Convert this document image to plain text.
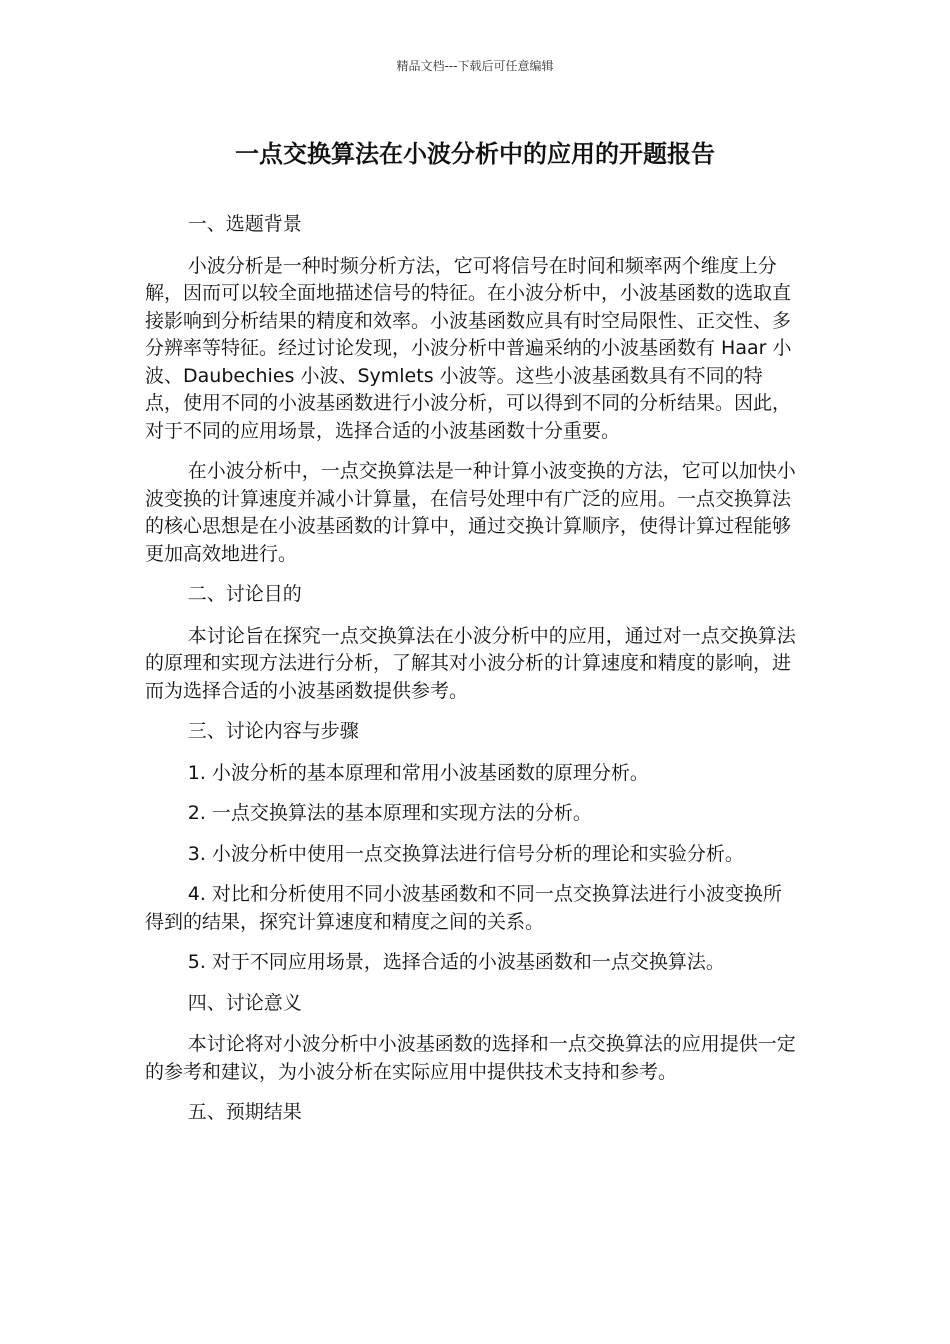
精品文档---下载后可任意编辑
一点交换算法在小波分析中的应用的开题报告

一、选题背景

小波分析是一种时频分析方法，它可将信号在时间和频率两个维度上分解，因而可以较全面地描述信号的特征。在小波分析中，小波基函数的选取直接影响到分析结果的精度和效率。小波基函数应具有时空局限性、正交性、多分辨率等特征。经过讨论发现，小波分析中普遍采纳的小波基函数有 Haar 小波、Daubechies 小波、Symlets 小波等。这些小波基函数具有不同的特点，使用不同的小波基函数进行小波分析，可以得到不同的分析结果。因此，对于不同的应用场景，选择合适的小波基函数十分重要。

在小波分析中，一点交换算法是一种计算小波变换的方法，它可以加快小波变换的计算速度并减小计算量，在信号处理中有广泛的应用。一点交换算法的核心思想是在小波基函数的计算中，通过交换计算顺序，使得计算过程能够更加高效地进行。

二、讨论目的

本讨论旨在探究一点交换算法在小波分析中的应用，通过对一点交换算法的原理和实现方法进行分析，了解其对小波分析的计算速度和精度的影响，进而为选择合适的小波基函数提供参考。

三、讨论内容与步骤

1. 小波分析的基本原理和常用小波基函数的原理分析。

2. 一点交换算法的基本原理和实现方法的分析。

3. 小波分析中使用一点交换算法进行信号分析的理论和实验分析。

4. 对比和分析使用不同小波基函数和不同一点交换算法进行小波变换所得到的结果，探究计算速度和精度之间的关系。

5. 对于不同应用场景，选择合适的小波基函数和一点交换算法。

四、讨论意义

本讨论将对小波分析中小波基函数的选择和一点交换算法的应用提供一定的参考和建议，为小波分析在实际应用中提供技术支持和参考。

五、预期结果
